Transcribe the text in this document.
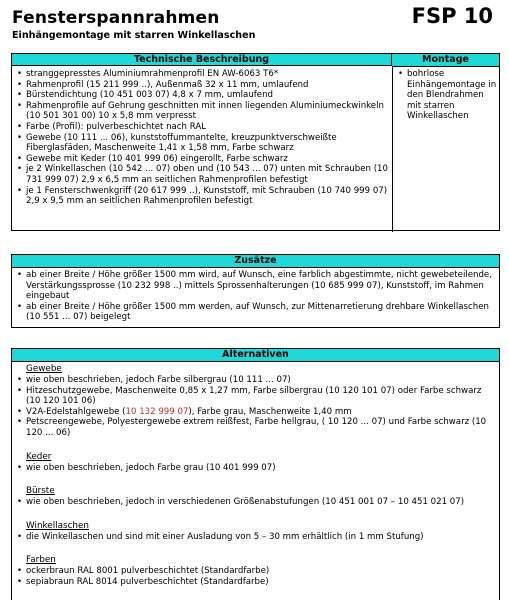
Fensterspannrahmen	FSP 10
Einhängemontage mit starren Winkellaschen
Technische Beschreibung	Montage
• stranggepresstes Aluminiumrahmenprofil EN AW-6063 T6*
• Rahmenprofil (15 211 999 ..), Außenmaß 32 x 11 mm, umlaufend
• Bürstendichtung (10 451 003 07) 4,8 x 7 mm, umlaufend
• Rahmenprofile auf Gehrung geschnitten mit innen liegenden Aluminiumeckwinkeln (10 501 301 00) 10 x 5,8 mm verpresst
• Farbe (Profil): pulverbeschichtet nach RAL
• Gewebe (10 111 ... 06), kunststoffummantelte, kreuzpunktverschweißte Fiberglasfäden, Maschenweite 1,41 x 1,58 mm, Farbe schwarz
• Gewebe mit Keder (10 401 999 06) eingerollt, Farbe schwarz
• je 2 Winkellaschen (10 542 ... 07) oben und (10 543 ... 07) unten mit Schrauben (10 731 999 07) 2,9 x 6,5 mm an seitlichen Rahmenprofilen befestigt
• je 1 Fensterschwenkgriff (20 617 999 ..), Kunststoff, mit Schrauben (10 740 999 07) 2,9 x 9,5 mm an seitlichen Rahmenprofilen befestigt
• bohrlose Einhängemontage in den Blendrahmen mit starren Winkellaschen
Zusätze
• ab einer Breite / Höhe größer 1500 mm wird, auf Wunsch, eine farblich abgestimmte, nicht gewebeteilende, Verstärkungssprosse (10 232 998 ..) mittels Sprossenhalterungen (10 685 999 07), Kunststoff, im Rahmen eingebaut
• ab einer Breite / Höhe größer 1500 mm werden, auf Wunsch, zur Mittenarretierung drehbare Winkellaschen (10 551 ... 07) beigelegt
Alternativen
Gewebe
• wie oben beschrieben, jedoch Farbe silbergrau (10 111 ... 07)
• Hitzeschutzgewebe, Maschenweite 0,85 x 1,27 mm, Farbe silbergrau (10 120 101 07) oder Farbe schwarz (10 120 101 06)
• V2A-Edelstahlgewebe (10 132 999 07), Farbe grau, Maschenweite 1,40 mm
• Petscreengewebe, Polyestergewebe extrem reißfest, Farbe hellgrau, ( 10 120 ... 07) und Farbe schwarz (10 120 ... 06)
Keder
• wie oben beschrieben, jedoch Farbe grau (10 401 999 07)
Bürste
• wie oben beschrieben, jedoch in verschiedenen Größenabstufungen (10 451 001 07 – 10 451 021 07)
Winkellaschen
• die Winkellaschen und sind mit einer Ausladung von 5 – 30 mm erhältlich (in 1 mm Stufung)
Farben
• ockerbraun RAL 8001 pulverbeschichtet (Standardfarbe)
• sepiabraun RAL 8014 pulverbeschichtet (Standardfarbe)
